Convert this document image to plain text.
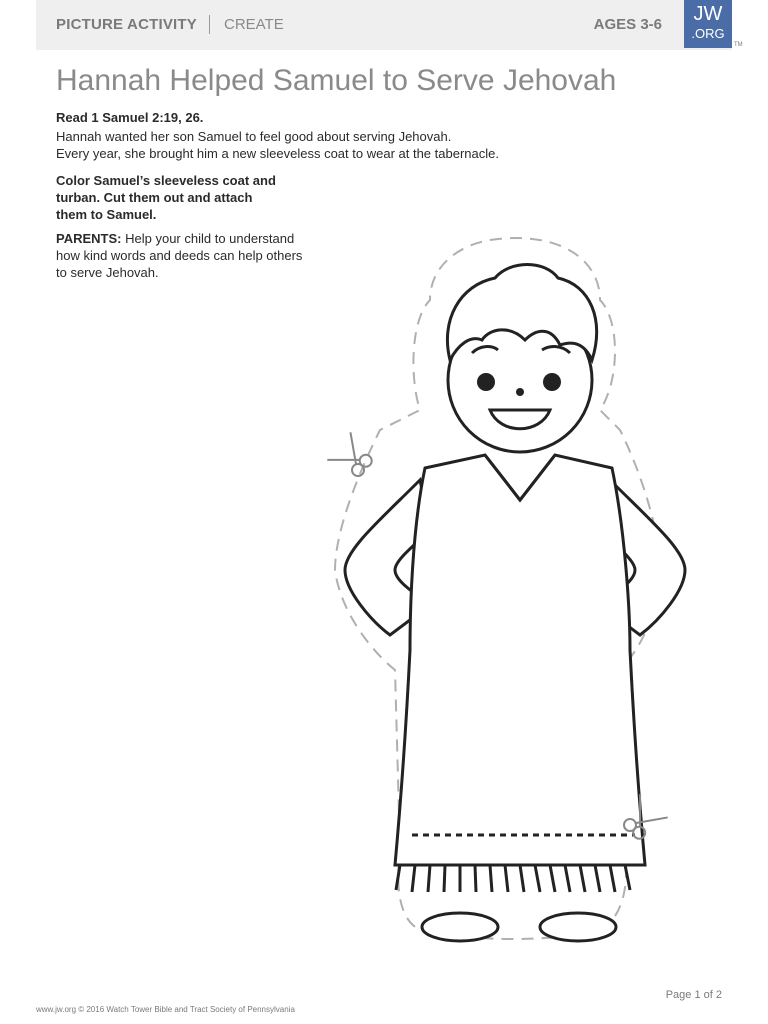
PICTURE ACTIVITY CREATE	AGES 3-6	JW
.ORG
TM
Hannah Helped Samuel to Serve Jehovah
Read 1 Samuel 2:19, 26.
Hannah wanted her son Samuel to feel good about serving Jehovah.
Every year, she brought him a new sleeveless coat to wear at the tabernacle.
Color Samuel’s sleeveless coat and
turban. Cut them out and attach
them to Samuel.
PARENTS: Help your child to understand
how kind words and deeds can help others
to serve Jehovah.
www.jw.org © 2016 Watch Tower Bible and Tract Society of Pennsylvania
Page 1 of 2
